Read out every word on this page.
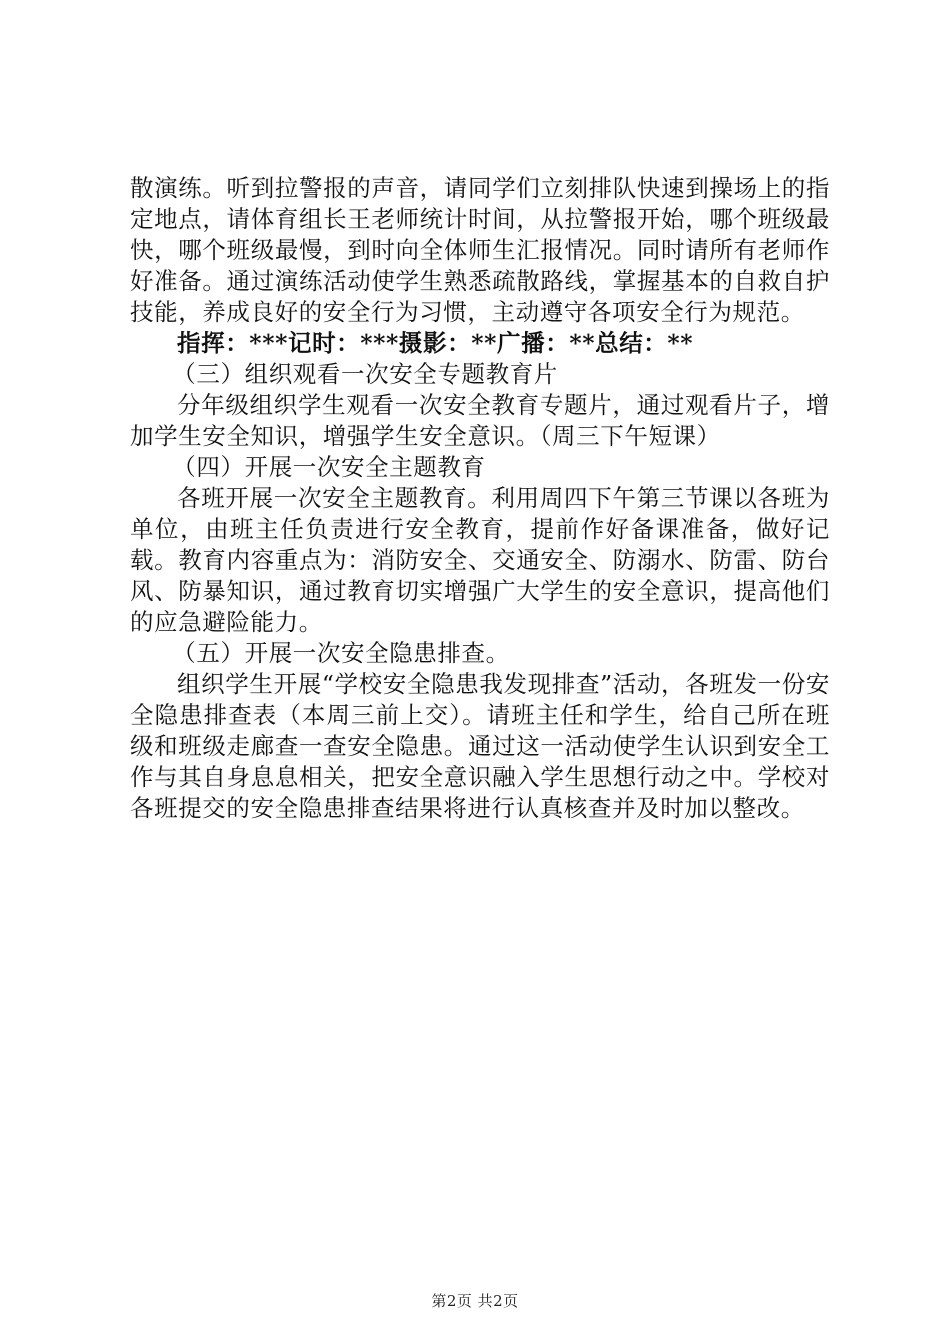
散演练。听到拉警报的声音，请同学们立刻排队快速到操场上的指定地点，请体育组长王老师统计时间，从拉警报开始，哪个班级最快，哪个班级最慢，到时向全体师生汇报情况。同时请所有老师作好准备。通过演练活动使学生熟悉疏散路线，掌握基本的自救自护技能，养成良好的安全行为习惯，主动遵守各项安全行为规范。

指挥：***记时：***摄影：**广播：**总结：**

（三）组织观看一次安全专题教育片

分年级组织学生观看一次安全教育专题片，通过观看片子，增加学生安全知识，增强学生安全意识。（周三下午短课）

（四）开展一次安全主题教育

各班开展一次安全主题教育。利用周四下午第三节课以各班为单位，由班主任负责进行安全教育，提前作好备课准备，做好记载。教育内容重点为：消防安全、交通安全、防溺水、防雷、防台风、防暴知识，通过教育切实增强广大学生的安全意识，提高他们的应急避险能力。

（五）开展一次安全隐患排查。

组织学生开展“学校安全隐患我发现排查”活动，各班发一份安全隐患排查表（本周三前上交）。请班主任和学生，给自己所在班级和班级走廊查一查安全隐患。通过这一活动使学生认识到安全工作与其自身息息相关，把安全意识融入学生思想行动之中。学校对各班提交的安全隐患排查结果将进行认真核查并及时加以整改。

第2页 共2页
